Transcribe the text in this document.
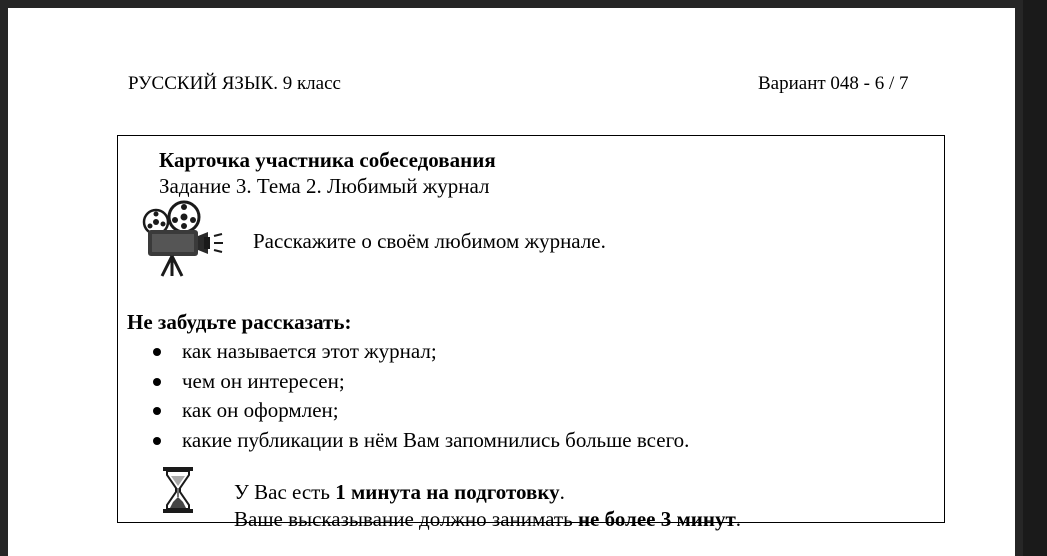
РУССКИЙ ЯЗЫК. 9 класс	Вариант 048 - 6 / 7
Карточка участника собеседования
Задание 3. Тема 2. Любимый журнал
Расскажите о своём любимом журнале.
Не забудьте рассказать:
как называется этот журнал;
чем он интересен;
как он оформлен;
какие публикации в нём Вам запомнились больше всего.
У Вас есть 1 минута на подготовку.
Ваше высказывание должно занимать не более 3 минут.
